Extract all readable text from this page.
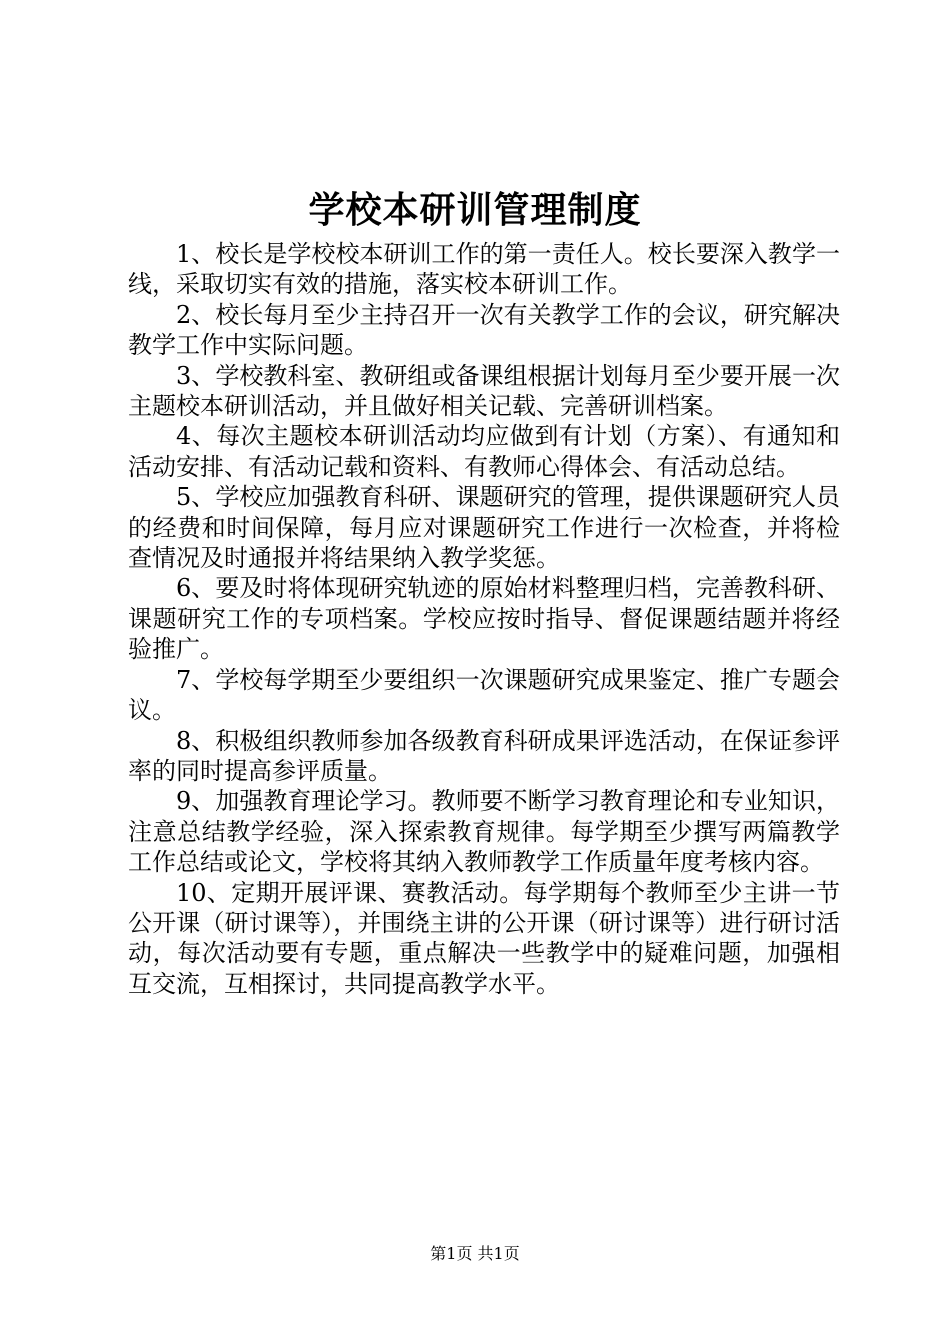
学校本研训管理制度

1、校长是学校校本研训工作的第一责任人。校长要深入教学一线，采取切实有效的措施，落实校本研训工作。

2、校长每月至少主持召开一次有关教学工作的会议，研究解决教学工作中实际问题。

3、学校教科室、教研组或备课组根据计划每月至少要开展一次主题校本研训活动，并且做好相关记载、完善研训档案。

4、每次主题校本研训活动均应做到有计划（方案）、有通知和活动安排、有活动记载和资料、有教师心得体会、有活动总结。

5、学校应加强教育科研、课题研究的管理，提供课题研究人员的经费和时间保障，每月应对课题研究工作进行一次检查，并将检查情况及时通报并将结果纳入教学奖惩。

6、要及时将体现研究轨迹的原始材料整理归档，完善教科研、课题研究工作的专项档案。学校应按时指导、督促课题结题并将经验推广。

7、学校每学期至少要组织一次课题研究成果鉴定、推广专题会议。

8、积极组织教师参加各级教育科研成果评选活动，在保证参评率的同时提高参评质量。

9、加强教育理论学习。教师要不断学习教育理论和专业知识，注意总结教学经验，深入探索教育规律。每学期至少撰写两篇教学工作总结或论文，学校将其纳入教师教学工作质量年度考核内容。

10、定期开展评课、赛教活动。每学期每个教师至少主讲一节公开课（研讨课等），并围绕主讲的公开课（研讨课等）进行研讨活动，每次活动要有专题，重点解决一些教学中的疑难问题，加强相互交流，互相探讨，共同提高教学水平。

第1页 共1页
